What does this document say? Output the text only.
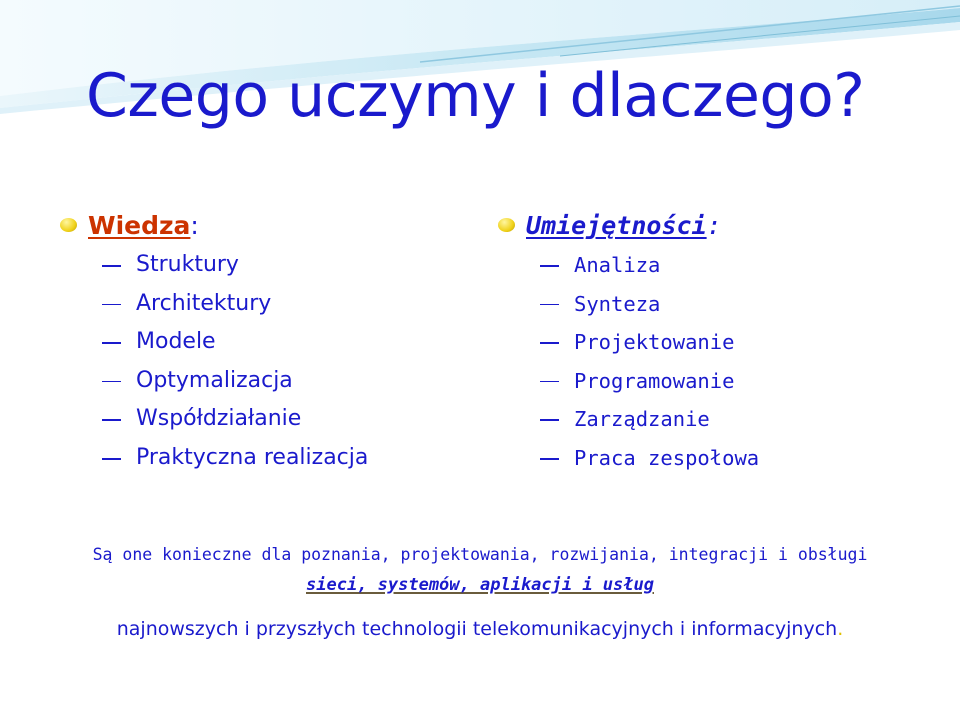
Czego uczymy i dlaczego?
Wiedza:
Struktury
Architektury
Modele
Optymalizacja
Współdziałanie
Praktyczna realizacja
Umiejętności:
Analiza
Synteza
Projektowanie
Programowanie
Zarządzanie
Praca zespołowa
Są one konieczne dla poznania, projektowania, rozwijania, integracji i obsługi
sieci, systemów, aplikacji i usług
najnowszych i przyszłych technologii telekomunikacyjnych i informacyjnych.
